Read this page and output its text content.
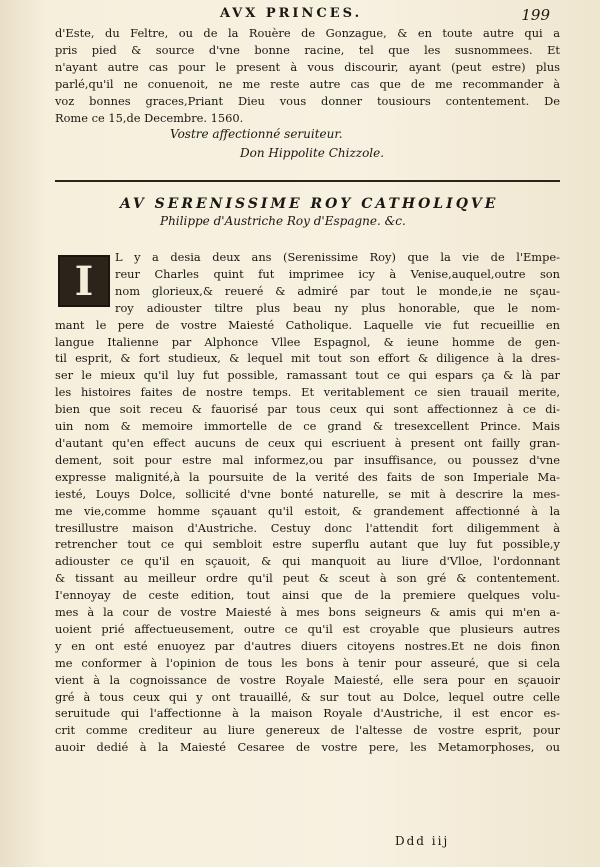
AVX PRINCES.	199
d'Este, du Feltre, ou de la Rouère de Gonzague, & en toute autre qui a
pris pied & source d'vne bonne racine, tel que les susnommees. Et
n'ayant autre cas pour le present à vous discourir, ayant (peut estre) plus
parlé,qu'il ne conuenoit, ne me reste autre cas que de me recommander à
voz bonnes graces,Priant Dieu vous donner tousiours contentement. De
Rome ce 15,de Decembre. 1560.
Vostre affectionné seruiteur.
Don Hippolite Chizzole.
AV SERENISSIME ROY CATHOLIQVE
Philippe d'Austriche Roy d'Espagne. &c.
I
L y a desia deux ans (Serenissime Roy) que la vie de l'Empe-
reur Charles quint fut imprimee icy à Venise,auquel,outre son
nom glorieux,& reueré & admiré par tout le monde,ie ne sçau-
roy adiouster tiltre plus beau ny plus honorable, que le nom-
mant le pere de vostre Maiesté Catholique. Laquelle vie fut recueillie en
langue Italienne par Alphonce Vllee Espagnol, & ieune homme de gen-
til esprit, & fort studieux, & lequel mit tout son effort & diligence à la dres-
ser le mieux qu'il luy fut possible, ramassant tout ce qui espars ça & là par
les histoires faites de nostre temps. Et veritablement ce sien trauail merite,
bien que soit receu & fauorisé par tous ceux qui sont affectionnez à ce di-
uin nom & memoire immortelle de ce grand & tresexcellent Prince. Mais
d'autant qu'en effect aucuns de ceux qui escriuent à present ont failly gran-
dement, soit pour estre mal informez,ou par insuffisance, ou poussez d'vne
expresse malignité,à la poursuite de la verité des faits de son Imperiale Ma-
iesté, Louys Dolce, sollicité d'vne bonté naturelle, se mit à descrire la mes-
me vie,comme homme sçauant qu'il estoit, & grandement affectionné à la
tresillustre maison d'Austriche. Cestuy donc l'attendit fort diligemment à
retrencher tout ce qui sembloit estre superflu autant que luy fut possible,y
adiouster ce qu'il en sçauoit, & qui manquoit au liure d'Vlloe, l'ordonnant
& tissant au meilleur ordre qu'il peut & sceut à son gré & contentement.
I'ennoyay de ceste edition, tout ainsi que de la premiere quelques volu-
mes à la cour de vostre Maiesté à mes bons seigneurs & amis qui m'en a-
uoient prié affectueusement, outre ce qu'il est croyable que plusieurs autres
y en ont esté enuoyez par d'autres diuers citoyens nostres.Et ne dois finon
me conformer à l'opinion de tous les bons à tenir pour asseuré, que si cela
vient à la cognoissance de vostre Royale Maiesté, elle sera pour en sçauoir
gré à tous ceux qui y ont trauaillé, & sur tout au Dolce, lequel outre celle
seruitude qui l'affectionne à la maison Royale d'Austriche, il est encor es-
crit comme crediteur au liure genereux de l'altesse de vostre esprit, pour
auoir dedié à la Maiesté Cesaree de vostre pere, les Metamorphoses, ou
Ddd iij
